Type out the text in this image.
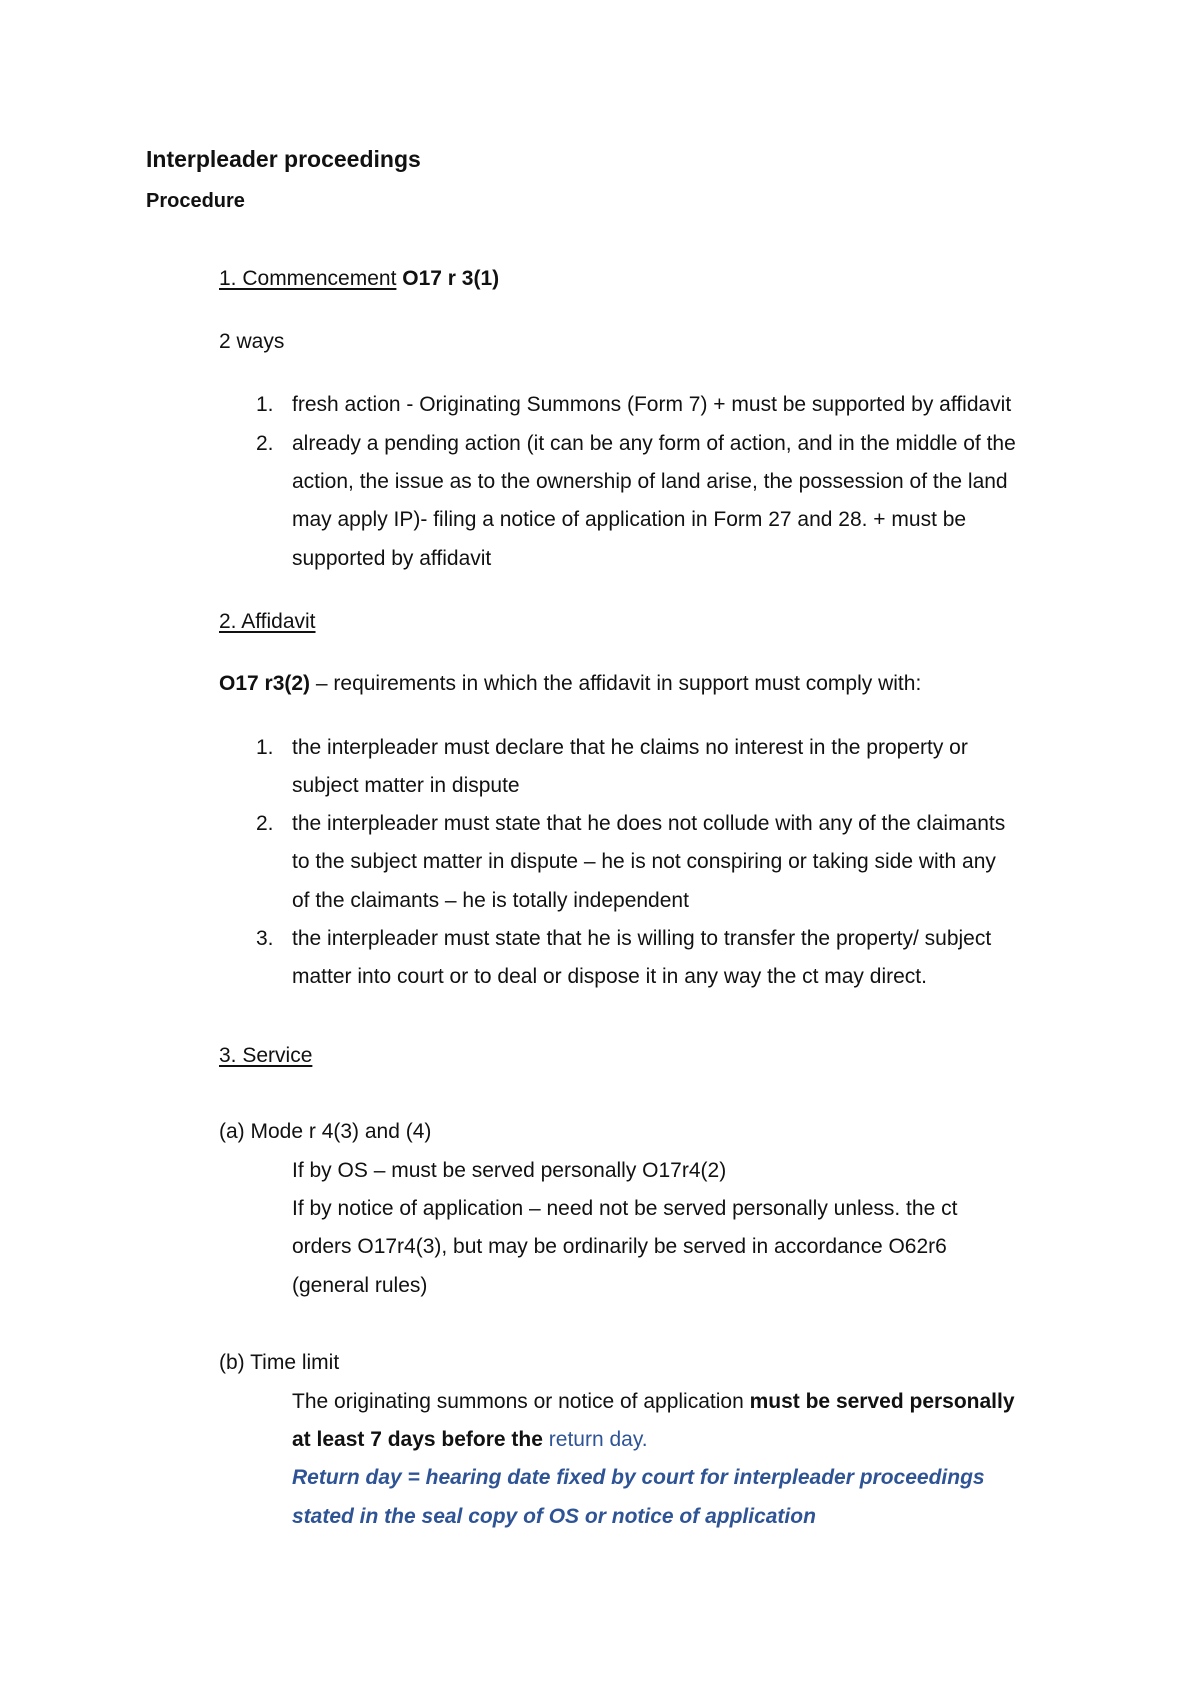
Interpleader proceedings
Procedure
1. Commencement O17 r 3(1)
2 ways
1. fresh action - Originating Summons (Form 7) + must be supported by affidavit
2. already a pending action (it can be any form of action, and in the middle of the
action, the issue as to the ownership of land arise, the possession of the land
may apply IP)- filing a notice of application in Form 27 and 28. + must be
supported by affidavit
2. Affidavit
O17 r3(2) – requirements in which the affidavit in support must comply with:
1. the interpleader must declare that he claims no interest in the property or
subject matter in dispute
2. the interpleader must state that he does not collude with any of the claimants
to the subject matter in dispute – he is not conspiring or taking side with any
of the claimants – he is totally independent
3. the interpleader must state that he is willing to transfer the property/ subject
matter into court or to deal or dispose it in any way the ct may direct.
3. Service
(a) Mode r 4(3) and (4)
If by OS – must be served personally O17r4(2)
If by notice of application – need not be served personally unless. the ct
orders O17r4(3), but may be ordinarily be served in accordance O62r6
(general rules)
(b) Time limit
The originating summons or notice of application must be served personally
at least 7 days before the return day.
Return day = hearing date fixed by court for interpleader proceedings
stated in the seal copy of OS or notice of application
